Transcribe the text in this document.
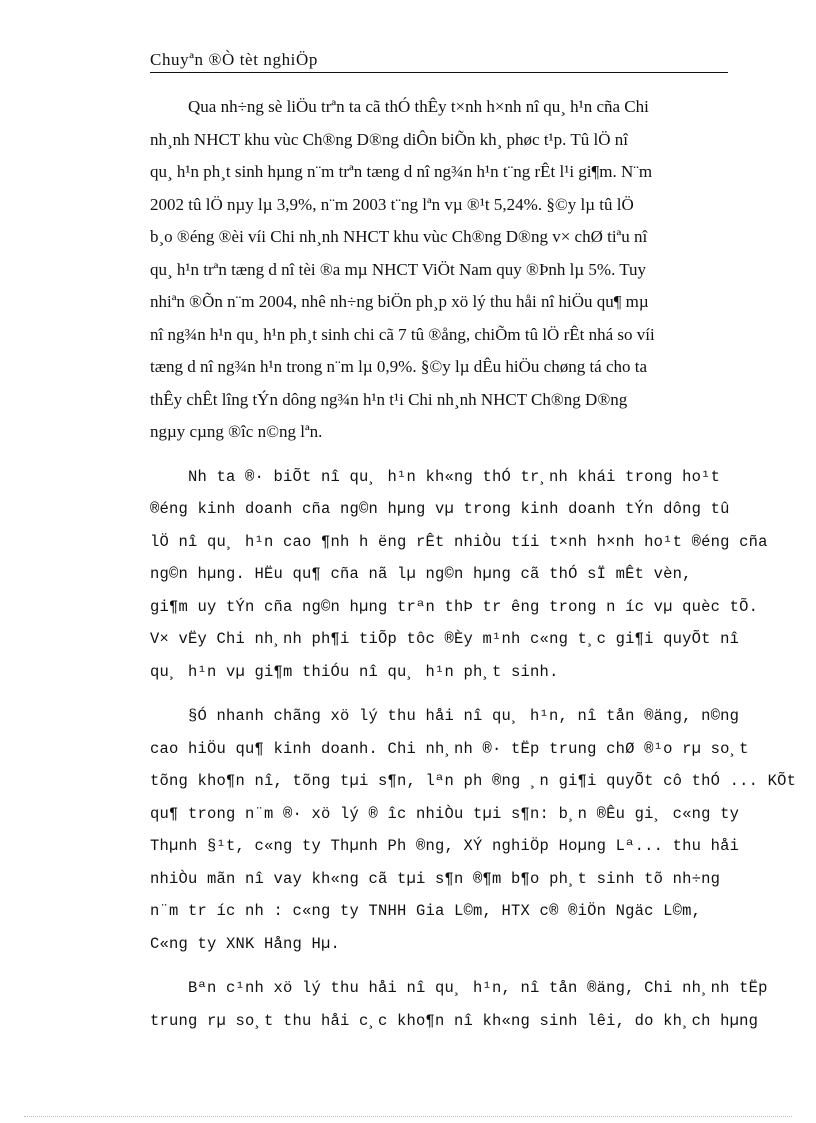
Chuyªn ®Ò tèt nghiÖp
Qua nh÷ng sè liÖu trªn ta cã thÓ thÊy t×nh h×nh nî qu¸ h¹n cña Chi
nh¸nh NHCT khu vùc Ch®ng D®ng diÔn biÕn kh¸ phøc t¹p. Tû lÖ nî
qu¸ h¹n ph¸t sinh hµng n¨m trªn tæng d nî ng¾n h¹n t¨ng rÊt l¹i gi¶m. N¨m
2002 tû lÖ nµy lµ 3,9%, n¨m 2003 t¨ng lªn vµ ®¹t 5,24%. §©y lµ tû lÖ
b¸o ®éng ®èi víi Chi nh¸nh NHCT khu vùc Ch®ng D®ng v× chØ tiªu nî
qu¸ h¹n trªn tæng d nî tèi ®a mµ NHCT ViÖt Nam quy ®Þnh lµ 5%. Tuy
nhiªn ®Õn n¨m 2004, nhê nh÷ng biÖn ph¸p xö lý thu håi nî hiÖu qu¶ mµ
nî ng¾n h¹n qu¸ h¹n ph¸t sinh chi cã 7 tû ®ång, chiÕm tû lÖ rÊt nhá so víi
tæng d nî ng¾n h¹n trong n¨m lµ 0,9%. §©y lµ dÊu hiÖu chøng tá cho ta
thÊy chÊt lîng tÝn dông ng¾n h¹n t¹i Chi nh¸nh NHCT Ch®ng D®ng
ngµy cµng ®îc n©ng lªn.
Nh ta ®· biÕt nî qu¸ h¹n kh«ng thÓ tr¸nh khái trong ho¹t
®éng kinh doanh cña ng©n hµng vµ trong kinh doanh tÝn dông tû
lÖ nî qu¸ h¹n cao ¶nh h ëng rÊt nhiÒu tíi t×nh h×nh ho¹t ®éng cña
ng©n hµng. HËu qu¶ cña nã lµ ng©n hµng cã thÓ sÏ mÊt vèn,
gi¶m uy tÝn cña ng©n hµng trªn thÞ tr êng trong n íc vµ quèc tÕ.
V× vËy Chi nh¸nh ph¶i tiÕp tôc ®Èy m¹nh c«ng t¸c gi¶i quyÕt nî
qu¸ h¹n vµ gi¶m thiÓu nî qu¸ h¹n ph¸t sinh.
§Ó nhanh chãng xö lý thu håi nî qu¸ h¹n, nî tån ®äng, n©ng
cao hiÖu qu¶ kinh doanh. Chi nh¸nh ®· tËp trung chØ ®¹o rµ so¸t
tõng kho¶n nî, tõng tµi s¶n, lªn ph ®ng ¸n gi¶i quyÕt cô thÓ ... KÕt
qu¶ trong n¨m ®· xö lý ® îc nhiÒu tµi s¶n: b¸n ®Êu gi¸ c«ng ty
Thµnh §¹t, c«ng ty Thµnh Ph ®ng, XÝ nghiÖp Hoµng Lª... thu håi
nhiÒu mãn nî vay kh«ng cã tµi s¶n ®¶m b¶o ph¸t sinh tõ nh÷ng
n¨m tr íc nh : c«ng ty TNHH Gia L©m, HTX c® ®iÖn Ngäc L©m,
C«ng ty XNK Hång Hµ.
Bªn c¹nh xö lý thu håi nî qu¸ h¹n, nî tån ®äng, Chi nh¸nh tËp
trung rµ so¸t thu håi c¸c kho¶n nî kh«ng sinh lêi, do kh¸ch hµng
